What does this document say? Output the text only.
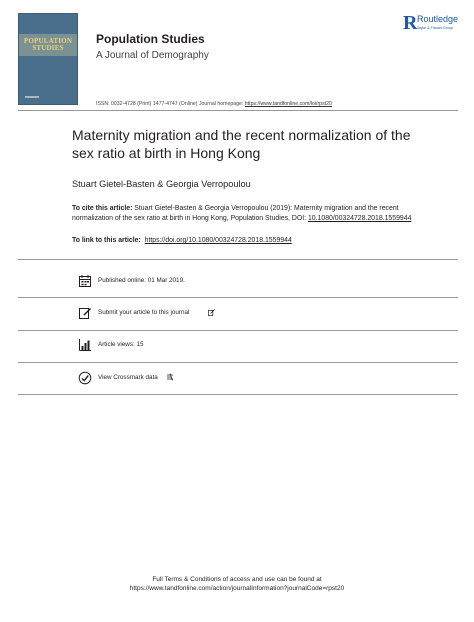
POPULATION
STUDIES
Population Studies
A Journal of Demography
ISSN: 0032-4728 (Print) 1477-4747 (Online) Journal homepage: https://www.tandfonline.com/loi/rpst20
R Routledge
Taylor & Francis Group
Maternity migration and the recent normalization of the sex ratio at birth in Hong Kong
Stuart Gietel-Basten & Georgia Verropoulou
To cite this article: Stuart Gietel-Basten & Georgia Verropoulou (2019): Maternity migration and the recent normalization of the sex ratio at birth in Hong Kong, Population Studies, DOI: 10.1080/00324728.2018.1559944
To link to this article: https://doi.org/10.1080/00324728.2018.1559944
Published online: 01 Mar 2019.
Submit your article to this journal
Article views: 15
View Crossmark data
Full Terms & Conditions of access and use can be found at
https://www.tandfonline.com/action/journalInformation?journalCode=rpst20
